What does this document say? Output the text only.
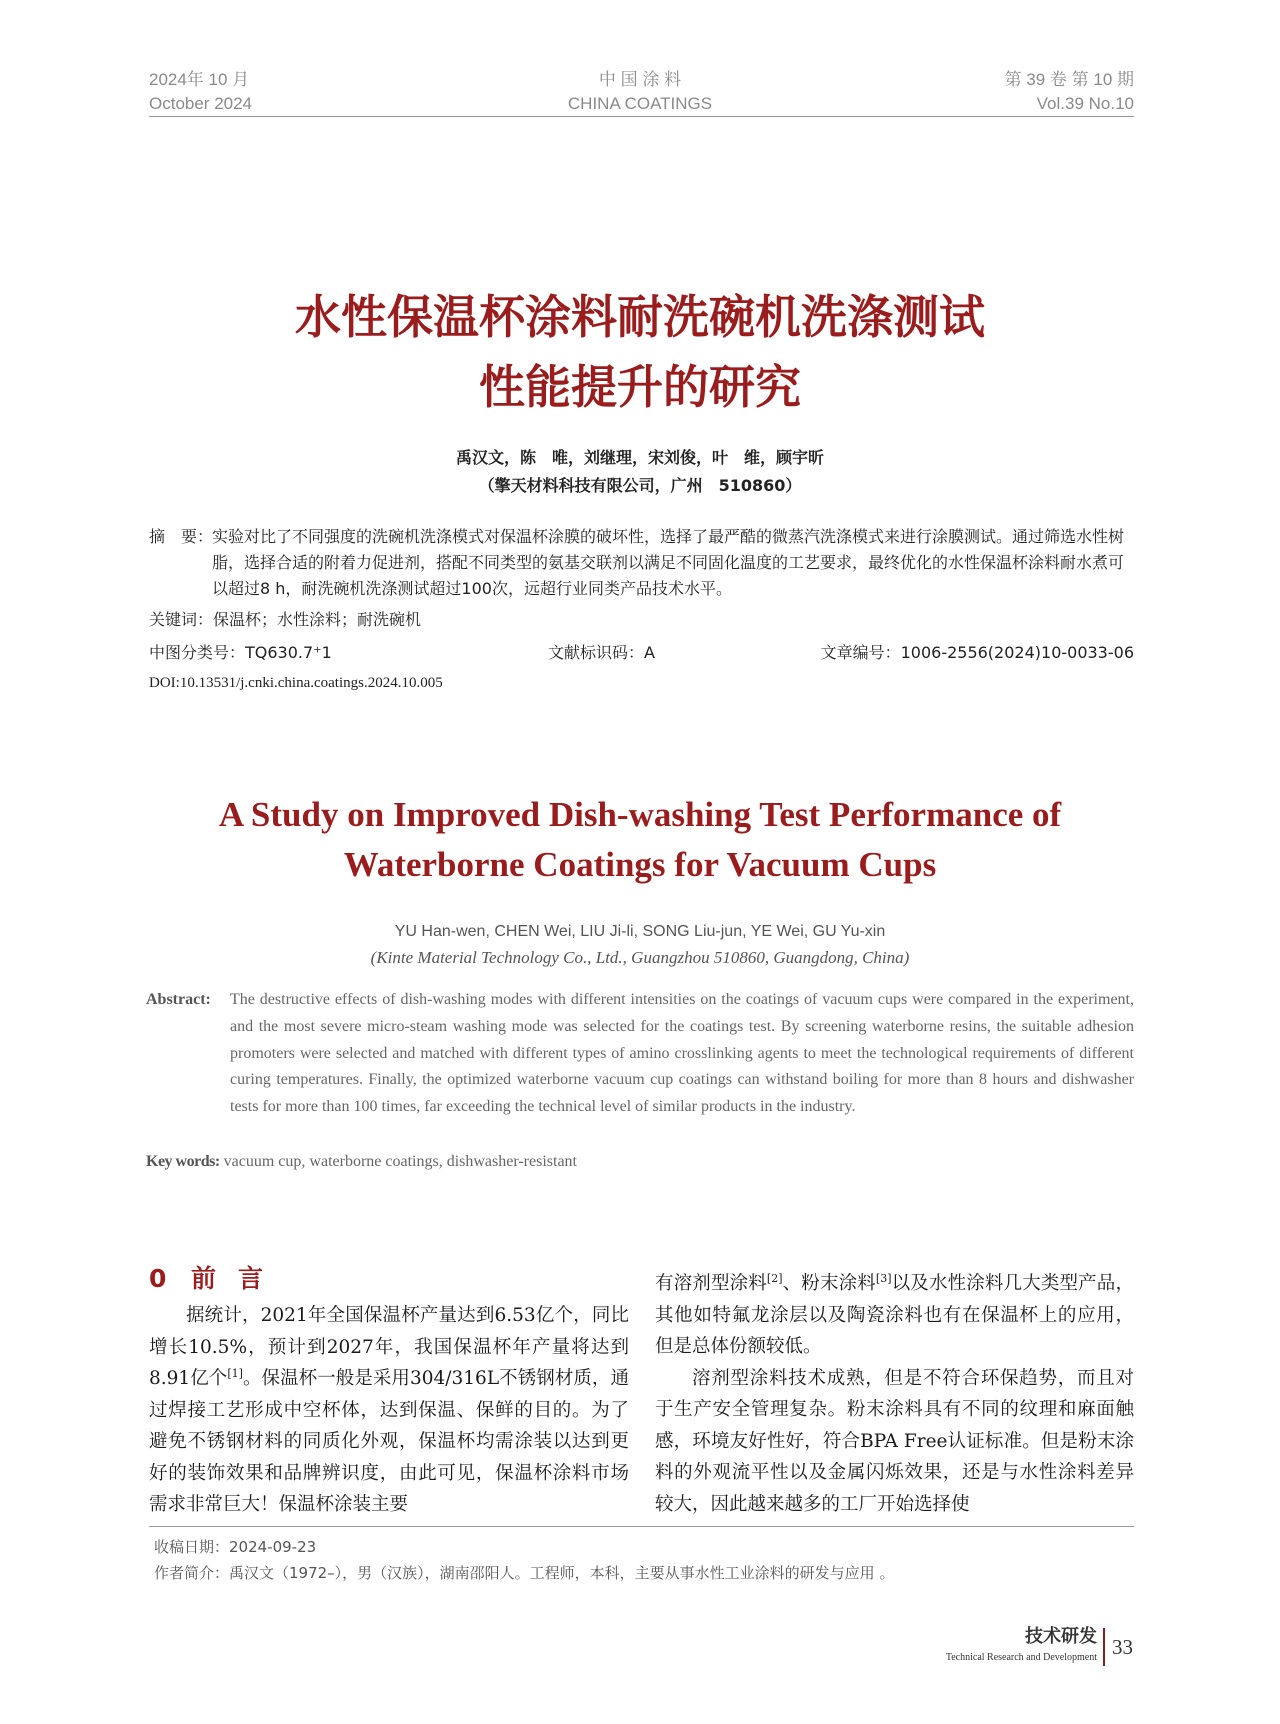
2024年 10 月
October 2024
中 国 涂 料
CHINA COATINGS
第 39 卷 第 10 期
Vol.39 No.10
水性保温杯涂料耐洗碗机洗涤测试
性能提升的研究
禹汉文，陈　唯，刘继理，宋刘俊，叶　维，顾宇昕
（擎天材料科技有限公司，广州　510860）
摘　要：
实验对比了不同强度的洗碗机洗涤模式对保温杯涂膜的破坏性，选择了最严酷的微蒸汽洗涤模式来进行涂膜测试。通过筛选水性树脂，选择合适的附着力促进剂，搭配不同类型的氨基交联剂以满足不同固化温度的工艺要求，最终优化的水性保温杯涂料耐水煮可以超过8 h，耐洗碗机洗涤测试超过100次，远超行业同类产品技术水平。
关键词：保温杯；水性涂料；耐洗碗机
中图分类号：TQ630.7⁺1	文献标识码：A	文章编号：1006-2556(2024)10-0033-06
DOI:10.13531/j.cnki.china.coatings.2024.10.005
A Study on Improved Dish-washing Test Performance of
Waterborne Coatings for Vacuum Cups
YU Han-wen, CHEN Wei, LIU Ji-li, SONG Liu-jun, YE Wei, GU Yu-xin
(Kinte Material Technology Co., Ltd., Guangzhou 510860, Guangdong, China)
Abstract: The destructive effects of dish-washing modes with different intensities on the coatings of vacuum cups were compared in the experiment, and the most severe micro-steam washing mode was selected for the coatings test. By screening waterborne resins, the suitable adhesion promoters were selected and matched with different types of amino crosslinking agents to meet the technological requirements of different curing temperatures. Finally, the optimized waterborne vacuum cup coatings can withstand boiling for more than 8 hours and dishwasher tests for more than 100 times, far exceeding the technical level of similar products in the industry.
Key words: vacuum cup, waterborne coatings, dishwasher-resistant
0 前言

据统计，2021年全国保温杯产量达到6.53亿个，同比增长10.5%，预计到2027年，我国保温杯年产量将达到8.91亿个[1]。保温杯一般是采用304/316L不锈钢材质，通过焊接工艺形成中空杯体，达到保温、保鲜的目的。为了避免不锈钢材料的同质化外观，保温杯均需涂装以达到更好的装饰效果和品牌辨识度，由此可见，保温杯涂料市场需求非常巨大！保温杯涂装主要

有溶剂型涂料[2]、粉末涂料[3]以及水性涂料几大类型产品，其他如特氟龙涂层以及陶瓷涂料也有在保温杯上的应用，但是总体份额较低。

溶剂型涂料技术成熟，但是不符合环保趋势，而且对于生产安全管理复杂。粉末涂料具有不同的纹理和麻面触感，环境友好性好，符合BPA Free认证标准。但是粉末涂料的外观流平性以及金属闪烁效果，还是与水性涂料差异较大，因此越来越多的工厂开始选择使

收稿日期：2024-09-23
作者简介：禹汉文（1972–），男（汉族），湖南邵阳人。工程师，本科，主要从事水性工业涂料的研发与应用 。
技术研发
Technical Research and Development 33
